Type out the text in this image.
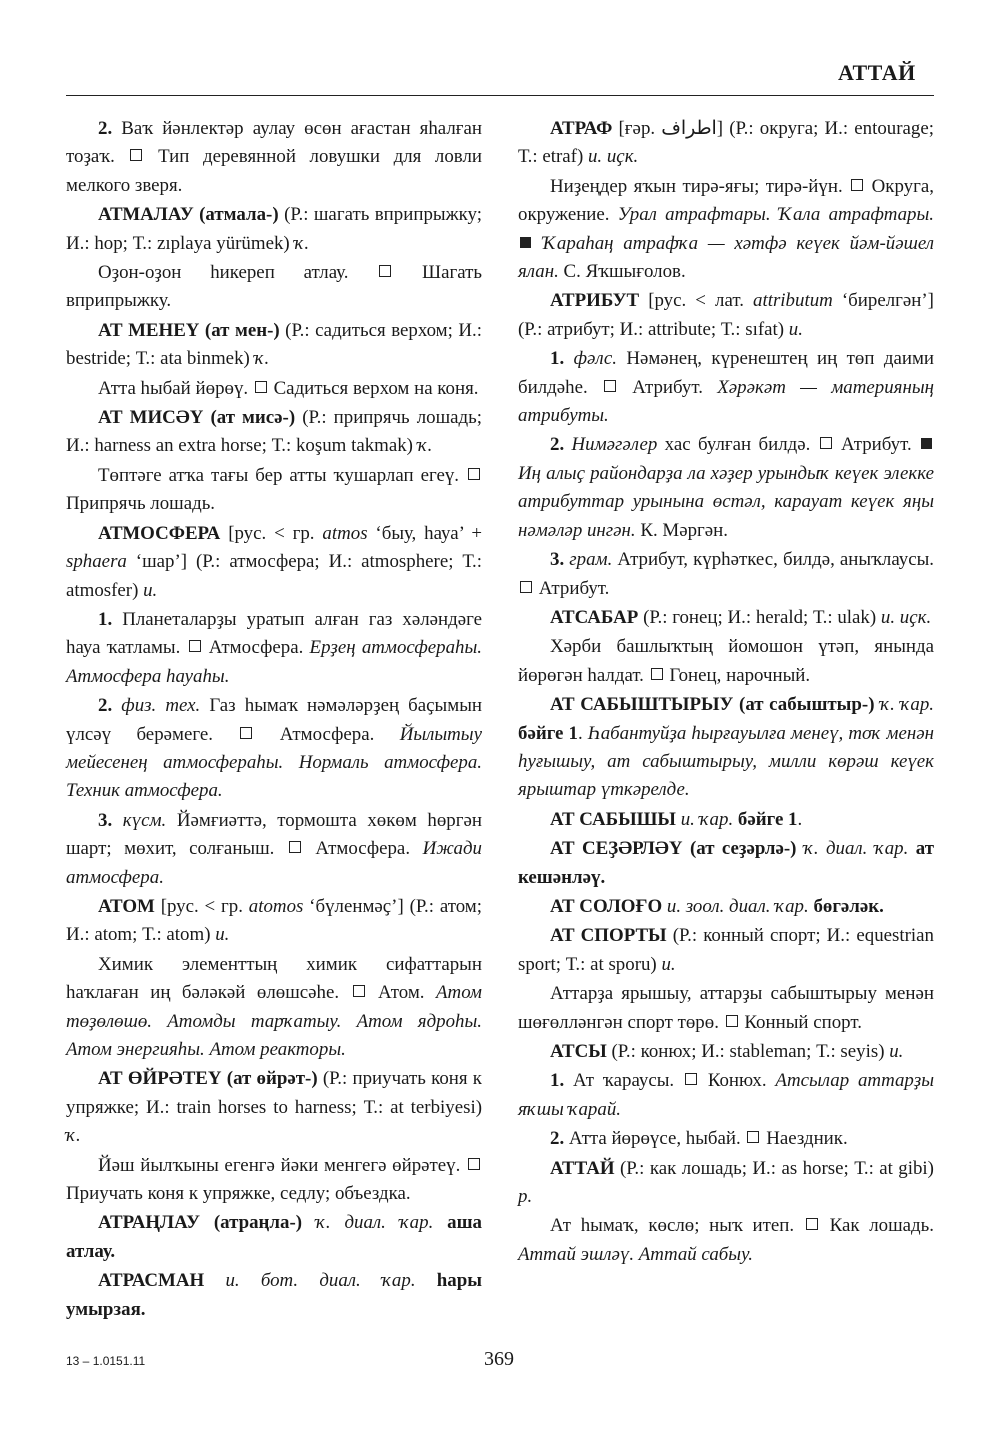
АТТАЙ

2. Ваҡ йәнлектәр аулау өсөн ағастан яһалған тоҙаҡ.  Тип деревянной ловушки для ловли мелкого зверя.

АТМАЛАУ (атмала-) (Р.: шагать вприпрыжку; И.: hop; Т.: zıplaya yürümek) ҡ.

Оҙон-оҙон һикереп атлау.  Шагать вприпрыжку.

АТ МЕНЕҮ (ат мен-) (Р.: садиться верхом; И.: bestride; Т.: ata binmek) ҡ.

Атта һыбай йөрөү.  Садиться верхом на коня.

АТ МИСӘҮ (ат мисә-) (Р.: припрячь лошадь; И.: harness an extra horse; Т.: koşum takmak) ҡ.

Төптәге атҡа тағы бер атты ҡушарлап егеү.  Припрячь лошадь.

АТМОСФЕРА [рус. < гр. atmos ‘быу, һауа’ + sphaera ‘шар’] (Р.: атмосфера; И.: atmosphere; Т.: atmosfer) и.

1. Планеталарҙы уратып алған газ хәләндәге һауа ҡатламы.  Атмосфера. Ерҙең атмосфераһы. Атмосфера һауаһы.

2. физ. тех. Газ һымаҡ нәмәләрҙең баҫымын үлсәү берәмеге.  Атмосфера. Йылытыу мейесенең атмосфераһы. Нормаль атмосфера. Техник атмосфера.

3. күсм. Йәмғиәттә, тормошта хөкөм һөргән шарт; мөхит, солғаныш.  Атмосфера. Ижади атмосфера.

АТОМ [рус. < гр. atomos ‘бүленмәҫ’] (Р.: атом; И.: atom; Т.: atom) и.

Химик элементтың химик сифаттарын һаҡлаған иң бәләкәй өлөшсәһе.  Атом. Атом төҙөлөшө. Атомды тарҡатыу. Атом ядроһы. Атом энергияһы. Атом реакторы.

АТ ӨЙРӘТЕҮ (ат өйрәт-) (Р.: приучать коня к упряжке; И.: train horses to harness; Т.: at terbiyesi) ҡ.

Йәш йылҡыны егенгә йәки менгегә өйрәтеү.  Приучать коня к упряжке, седлу; объездка.

АТРАҢЛАУ (атраңла-) ҡ. диал. ҡар. аша атлау.

АТРАСМАН и. бот. диал. ҡар. һары умырзая.

АТРАФ [ғәр. اطراف] (Р.: округа; И.: entourage; Т.: etraf) и. иҫк.

Ниҙеңдер яҡын тирә-яғы; тирә-йүн.  Округа, окружение. Урал атрафтары. Ҡала атрафтары.  Ҡараһаң атрафҡа — хәтфә кеүек йәм-йәшел ялан. С. Яҡшығолов.

АТРИБУТ [рус. < лат. attributum ‘бирелгән’] (Р.: атрибут; И.: attribute; Т.: sıfat) и.

1. фәлс. Нәмәнең, күренештең иң төп даими билдәһе.  Атрибут. Хәрәкәт — материяның атрибуты.

2. Нимәгәлер хас булған билдә.  Атрибут.  Иң алыҫ райондарҙа ла хәҙер урындыҡ кеүек элекке атрибуттар урынына өстәл, карауат кеүек яңы нәмәләр ингән. К. Мәргән.

3. грам. Атрибут, күрһәткес, билдә, аныҡлаусы.  Атрибут.

АТСАБАР (Р.: гонец; И.: herald; Т.: ulak) и. иҫк.

Хәрби башлыҡтың йомошон үтәп, янында йөрөгән һалдат.  Гонец, нарочный.

АТ САБЫШТЫРЫУ (ат сабыштыр-) ҡ. ҡар. бәйге 1. Һабантуйҙа һырғауылға менеү, тоҡ менән һуғышыу, ат сабыштырыу, милли көрәш кеүек ярыштар үткәрелде.

АТ САБЫШЫ и. ҡар. бәйге 1.

АТ СЕҘӘРЛӘҮ (ат сеҙәрлә-) ҡ. диал. ҡар. ат кешәнләү.

АТ СОЛОҒО и. зоол. диал. ҡар. бөгәләк.

АТ СПОРТЫ (Р.: конный спорт; И.: equestrian sport; Т.: at sporu) и.

Аттарҙа ярышыу, аттарҙы сабыштырыу менән шөғөлләнгән спорт төрө.  Конный спорт.

АТСЫ (Р.: конюх; И.: stableman; Т.: seyis) и.

1. Ат ҡараусы.  Конюх. Атсылар аттарҙы яҡшы ҡарай.

2. Атта йөрөүсе, һыбай.  Наездник.

АТТАЙ (Р.: как лошадь; И.: as horse; Т.: at gibi) р.

Ат һымаҡ, көслө; ныҡ итеп.  Как лошадь. Аттай эшләү. Аттай сабыу.

13 – 1.0151.11	369
